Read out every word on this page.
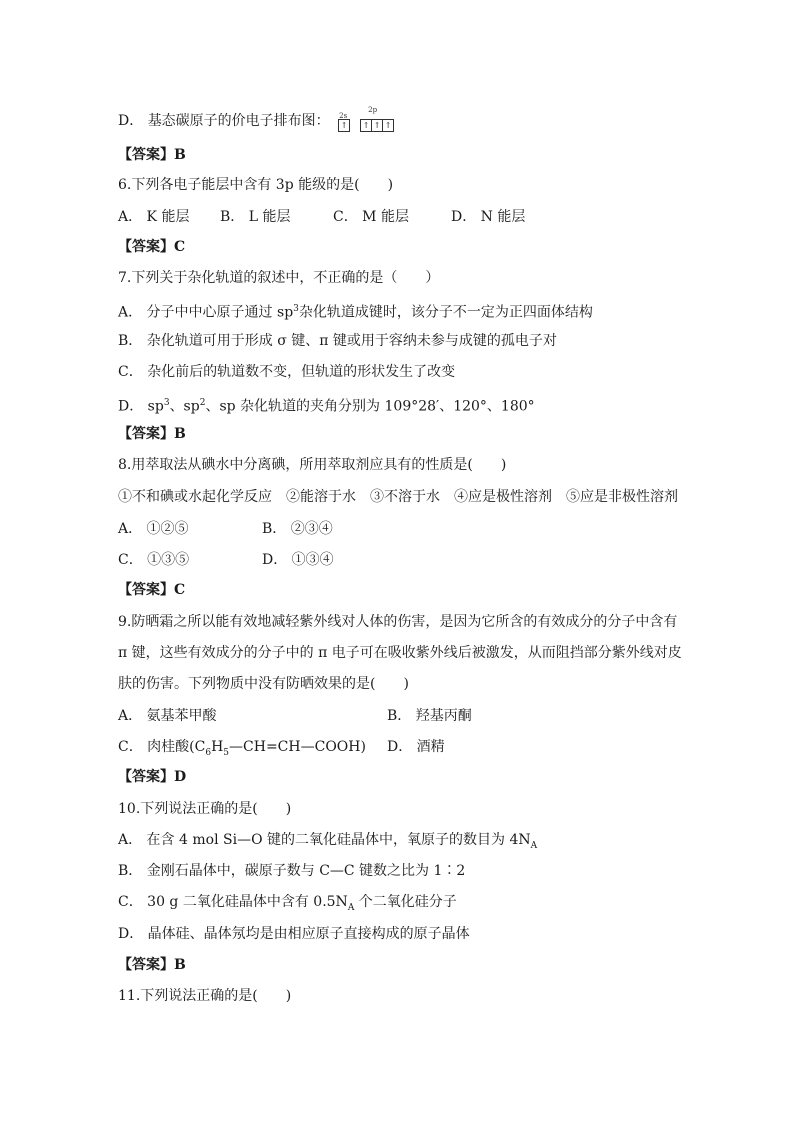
D． 基态碳原子的价电子排布图： 2s
2p
↑ ↑ ↑ ↑
【答案】B
6.下列各电子能层中含有 3p 能级的是(　　)
A． K 能层 B． L 能层	C． M 能层	D． N 能层
【答案】C
7.下列关于杂化轨道的叙述中，不正确的是（　　）
A． 分子中中心原子通过 $sp^3$杂化轨道成键时，该分子不一定为正四面体结构
B． 杂化轨道可用于形成 σ 键、π 键或用于容纳未参与成键的孤电子对
C． 杂化前后的轨道数不变，但轨道的形状发生了改变
D． $sp^3$、$sp^2$、sp 杂化轨道的夹角分别为 109°28′、120°、180°
【答案】B
8.用萃取法从碘水中分离碘，所用萃取剂应具有的性质是(　　)
①不和碘或水起化学反应　②能溶于水　③不溶于水　④应是极性溶剂　⑤应是非极性溶剂
A． ①②⑤	B． ②③④
C． ①③⑤	D． ①③④
【答案】C
9.防晒霜之所以能有效地减轻紫外线对人体的伤害，是因为它所含的有效成分的分子中含有
π 键，这些有效成分的分子中的 π 电子可在吸收紫外线后被激发，从而阻挡部分紫外线对皮
肤的伤害。下列物质中没有防晒效果的是(　　)
A． 氨基苯甲酸	B． 羟基丙酮
C． 肉桂酸$(C_6H_5—CH=CH—COOH)$ D． 酒精
【答案】D
10.下列说法正确的是(　　)
A． 在含 4 mol Si—O 键的二氧化硅晶体中，氧原子的数目为 $4N_A$
B． 金刚石晶体中，碳原子数与 C—C 键数之比为 1∶2
C． 30 g 二氧化硅晶体中含有 $0.5N_A$ 个二氧化硅分子
D． 晶体硅、晶体氖均是由相应原子直接构成的原子晶体
【答案】B
11.下列说法正确的是(　　)
